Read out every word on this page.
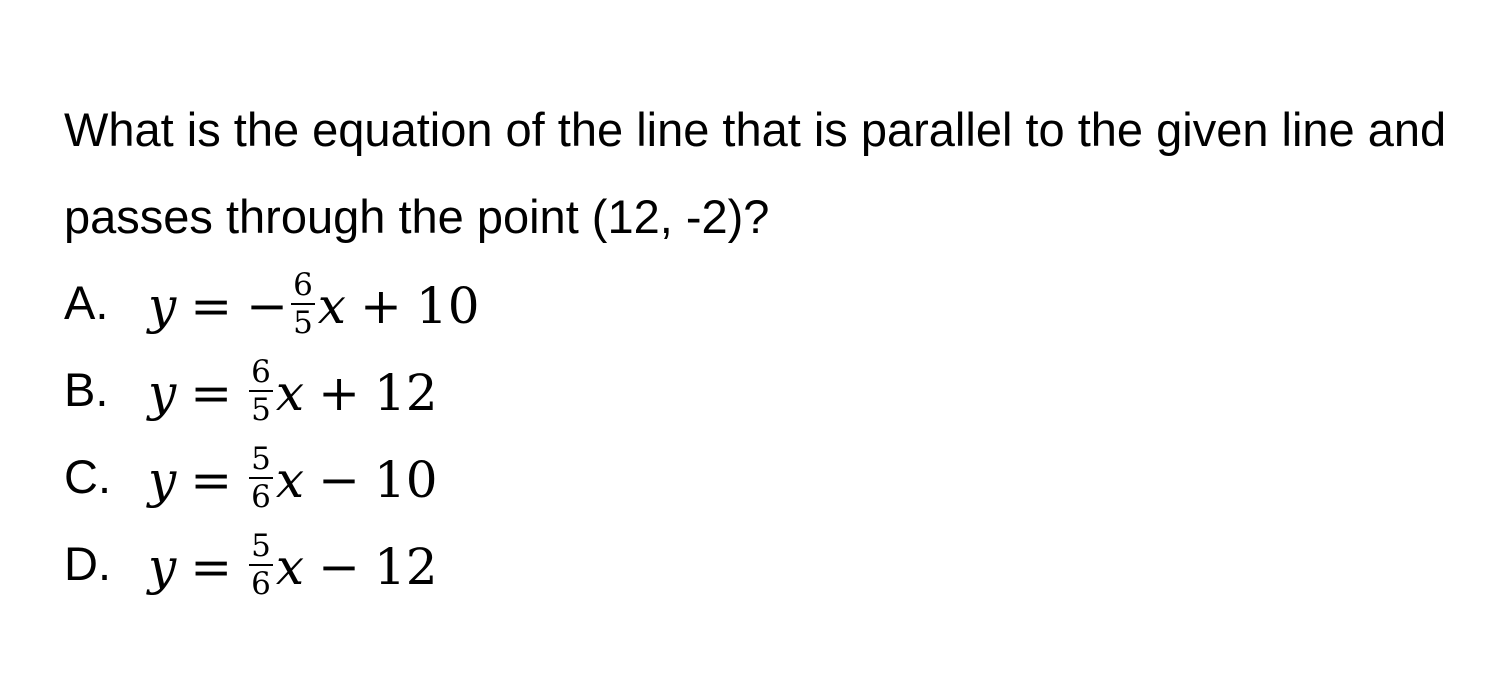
What is the equation of the line that is parallel to the given line and passes through the point (12, -2)?

A. y = − $\frac{6}{5}$ x + 10
B. $y = \frac{6}{5}$ x + 12
C. $y = \frac{5}{6}$ x − 10
D. $y = \frac{5}{6}$ x − 12
